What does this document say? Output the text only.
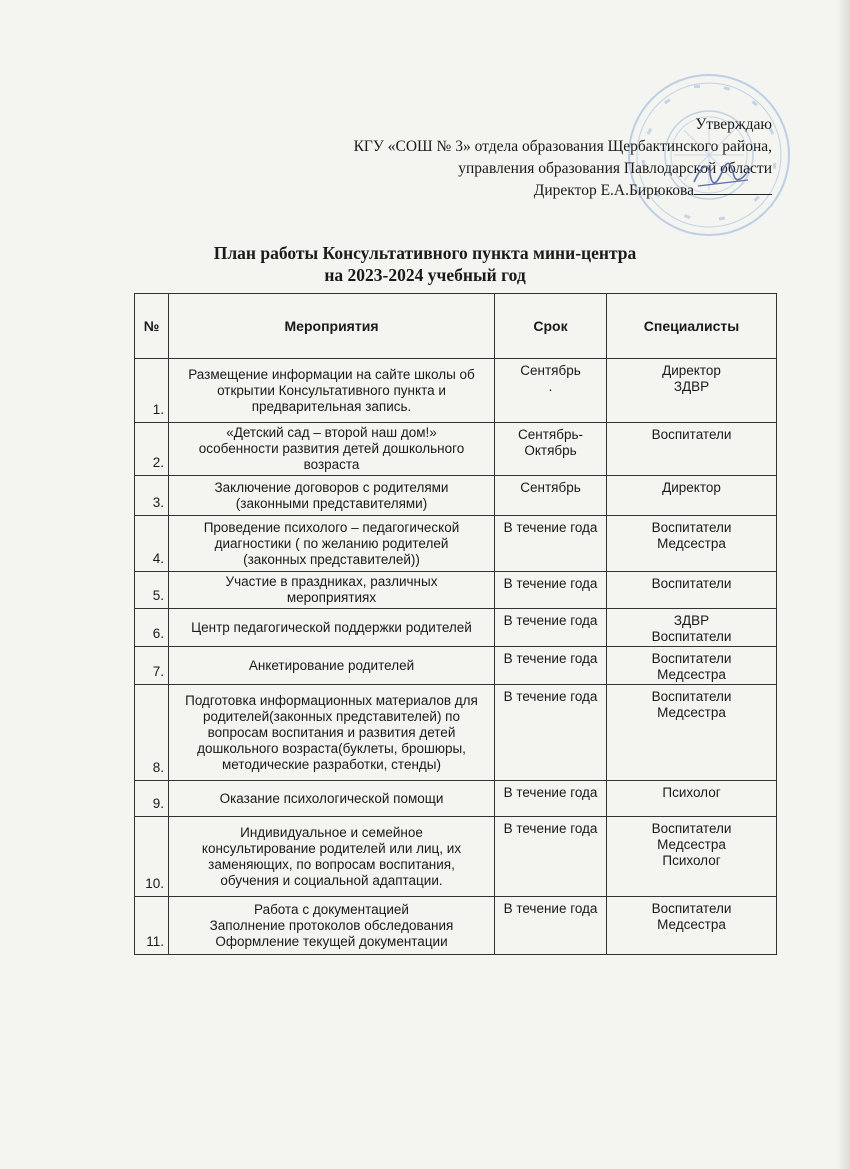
Утверждаю
КГУ «СОШ № 3» отдела образования Щербактинского района,
управления образования Павлодарской области
Директор Е.А.Бирюкова
План работы Консультативного пункта мини-центра
на 2023-2024 учебный год
№	Мероприятия	Срок	Специалисты
1.	Размещение информации на сайте школы об
открытии Консультативного пункта и
предварительная запись.	Сентябрь
.	Директор
ЗДВР

2.	«Детский сад – второй наш дом!»
особенности развития детей дошкольного
возраста	Сентябрь-
Октябрь	Воспитатели

3.	Заключение договоров с родителями
(законными представителями)	Сентябрь	Директор

4.	Проведение психолого – педагогической
диагностики ( по желанию родителей
(законных представителей))	В течение года	Воспитатели
Медсестра

5.	Участие в праздниках, различных
мероприятиях	В течение года	Воспитатели

6.	Центр педагогической поддержки родителей	В течение года	ЗДВР
Воспитатели

7.	Анкетирование родителей	В течение года	Воспитатели
Медсестра

8.	Подготовка информационных материалов для
родителей(законных представителей) по
вопросам воспитания и развития детей
дошкольного возраста(буклеты, брошюры,
методические разработки, стенды)	В течение года	Воспитатели
Медсестра

9.	Оказание психологической помощи	В течение года	Психолог

10.	Индивидуальное и семейное
консультирование родителей или лиц, их
заменяющих, по вопросам воспитания,
обучения и социальной адаптации.	В течение года	Воспитатели
Медсестра
Психолог

11.	Работа с документацией
Заполнение протоколов обследования
Оформление текущей документации	В течение года	Воспитатели
Медсестра
